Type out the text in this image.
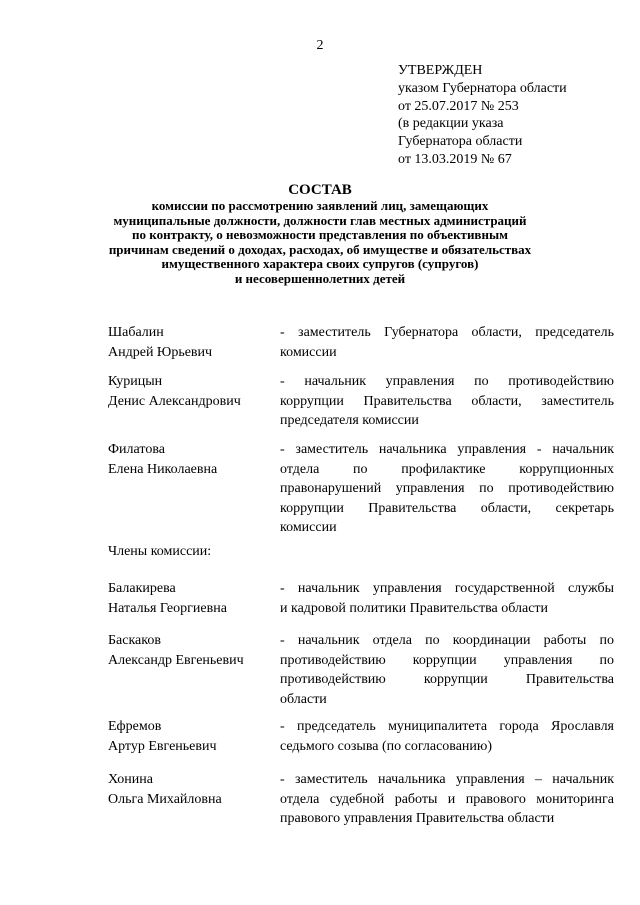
2
УТВЕРЖДЕН
указом Губернатора области
от 25.07.2017 № 253
(в редакции указа
Губернатора области
от 13.03.2019 № 67
СОСТАВ
комиссии по рассмотрению заявлений лиц, замещающих
муниципальные должности, должности глав местных администраций
по контракту, о невозможности представления по объективным
причинам сведений о доходах, расходах, об имуществе и обязательствах
имущественного характера своих супругов (супругов)
и несовершеннолетних детей
Шабалин
Андрей Юрьевич
- заместитель Губернатора области, председатель
комиссии
Курицын
Денис Александрович
- начальник управления по противодействию
коррупции Правительства области, заместитель
председателя комиссии
Филатова
Елена Николаевна
- заместитель начальника управления - начальник
отдела по профилактике коррупционных
правонарушений управления по противодействию
коррупции Правительства области, секретарь
комиссии
Члены комиссии:
Балакирева
Наталья Георгиевна
- начальник управления государственной службы
и кадровой политики Правительства области
Баскаков
Александр Евгеньевич
- начальник отдела по координации работы по
противодействию коррупции управления по
противодействию коррупции Правительства
области
Ефремов
Артур Евгеньевич
- председатель муниципалитета города Ярославля
седьмого созыва (по согласованию)
Хонина
Ольга Михайловна
- заместитель начальника управления – начальник
отдела судебной работы и правового мониторинга
правового управления Правительства области
